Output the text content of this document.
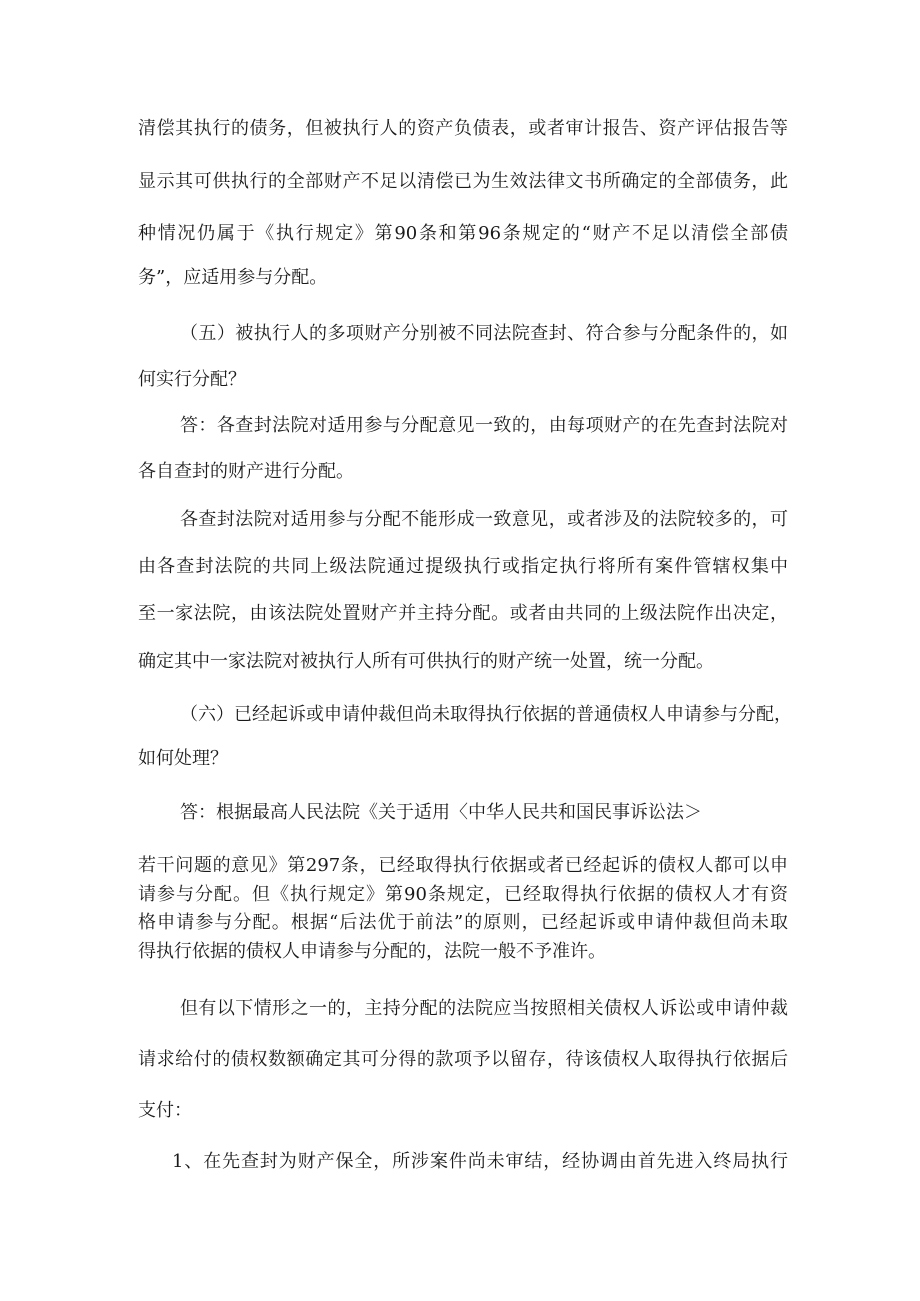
清偿其执行的债务，但被执行人的资产负债表，或者审计报告、资产评估报告等
显示其可供执行的全部财产不足以清偿已为生效法律文书所确定的全部债务，此
种情况仍属于《执行规定》第90条和第96条规定的“财产不足以清偿全部债
务”，应适用参与分配。
（五）被执行人的多项财产分别被不同法院查封、符合参与分配条件的，如
何实行分配？
答：各查封法院对适用参与分配意见一致的，由每项财产的在先查封法院对
各自查封的财产进行分配。
各查封法院对适用参与分配不能形成一致意见，或者涉及的法院较多的，可
由各查封法院的共同上级法院通过提级执行或指定执行将所有案件管辖权集中
至一家法院，由该法院处置财产并主持分配。或者由共同的上级法院作出决定，
确定其中一家法院对被执行人所有可供执行的财产统一处置，统一分配。
（六）已经起诉或申请仲裁但尚未取得执行依据的普通债权人申请参与分配，
如何处理？
答：根据最高人民法院《关于适用〈中华人民共和国民事诉讼法＞
若干问题的意见》第297条，已经取得执行依据或者已经起诉的债权人都可以申
请参与分配。但《执行规定》第90条规定，已经取得执行依据的债权人才有资
格申请参与分配。根据“后法优于前法”的原则，已经起诉或申请仲裁但尚未取
得执行依据的债权人申请参与分配的，法院一般不予准许。
但有以下情形之一的，主持分配的法院应当按照相关债权人诉讼或申请仲裁
请求给付的债权数额确定其可分得的款项予以留存，待该债权人取得执行依据后
支付：
1、在先查封为财产保全，所涉案件尚未审结，经协调由首先进入终局执行
